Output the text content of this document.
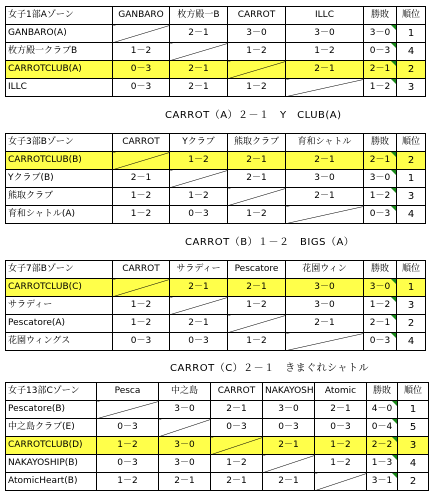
女子1部Aゾーン	GANBARO	枚方殿一B	CARROT	ILLC	勝敗	順位
GANBARO(A)		2－1	3－0	3－0	3－0	1
枚方殿一クラブB	1－2		1－2	1－2	0－3	4
CARROTCLUB(A)	0－3	2－1		2－1	2－1	2
ILLC	0－3	2－1	1－2		1－2	3
CARROT（A）２－１　Y　CLUB(A)
女子3部Bゾーン	CARROT	Yクラブ	熊取クラブ	育和シャトル	勝敗	順位
CARROTCLUB(B)		1－2	2－1	2－1	2－1	2
Yクラブ(B)	2－1		2－1	3－0	3－0	1
熊取クラブ	1－2	1－2		2－1	1－2	3
育和シャトル(A)	1－2	0－3	1－2		0－3	4
CARROT（B）１－２　BIGS（A）
女子7部Bゾーン	CARROT	サラディー	Pescatore	花園ウィン	勝敗	順位
CARROTCLUB(C)		2－1	2－1	3－0	3－0	1
サラディー	1－2		1－2	3－0	1－2	3
Pescatore(A)	1－2	2－1		2－1	2－1	2
花園ウィングス	0－3	0－3	1－2		0－3	4
CARROT（C）２－１　きまぐれシャトル
女子13部Cゾーン	Pesca	中之島	CARROT	NAKAYOSH	Atomic	勝敗	順位
Pescatore(B)		3－0	2－1	3－0	2－1	4－0	1
中之島クラブ(E)	0－3		0－3	0－3	0－3	0－4	5
CARROTCLUB(D)	1－2	3－0		2－1	1－2	2－2	3
NAKAYOSHIP(B)	0－3	3－0	1－2		1－2	1－3	4
AtomicHeart(B)	1－2	2－1	2－1	2－1		3－1	2
